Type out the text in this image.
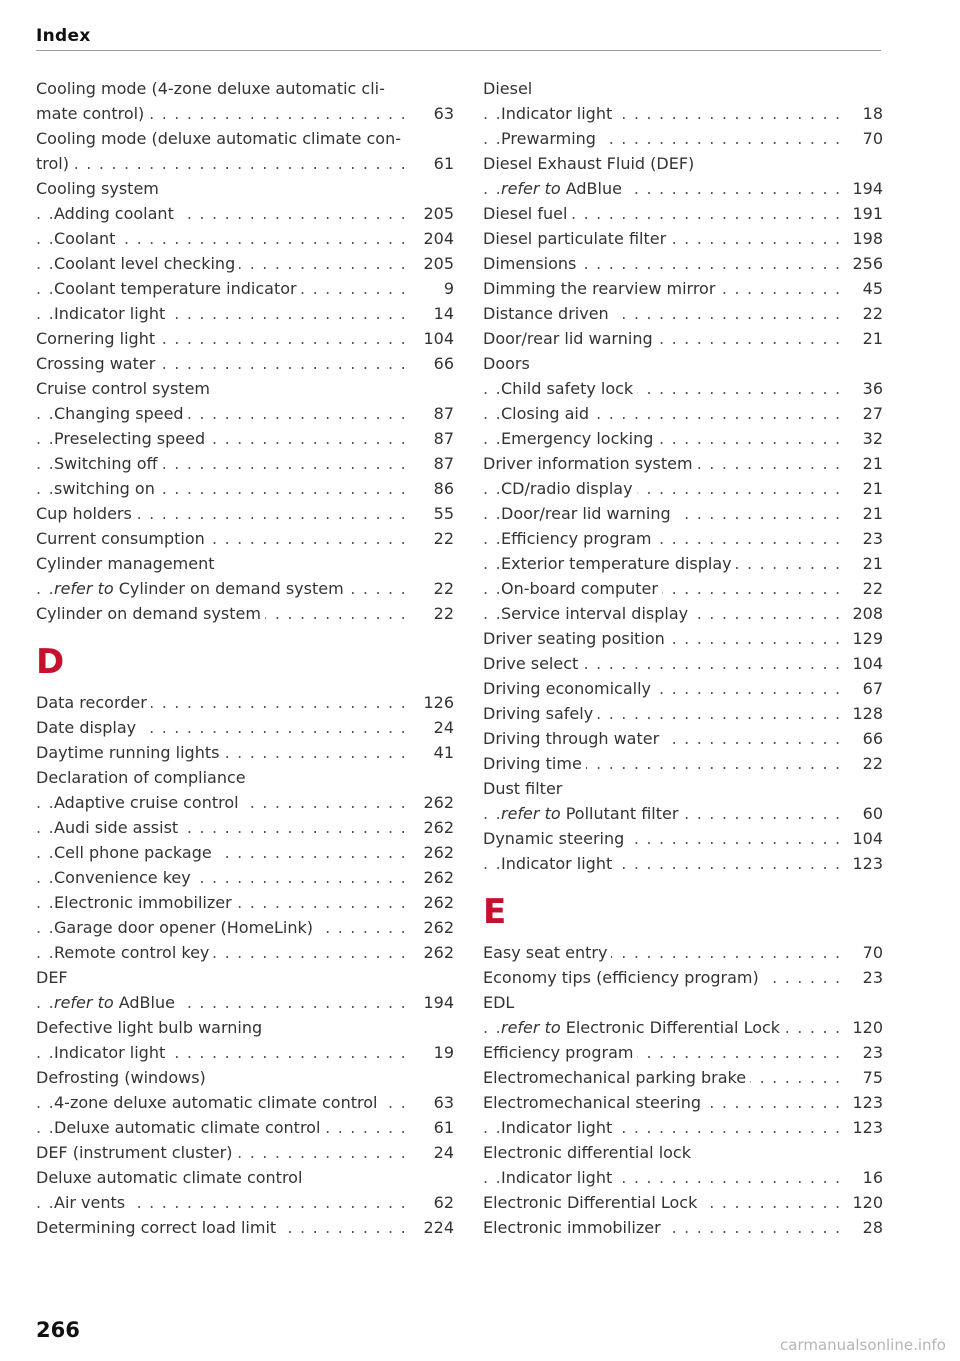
Index
Cooling mode (4-zone deluxe automatic cli-
. . . mate control)	63
Cooling mode (deluxe automatic climate con-
. . . trol)	61
Cooling system
. . . Adding coolant	205
. . . Coolant	204
. . . Coolant level checking	205
. . . Coolant temperature indicator	9
. . . Indicator light	14
. . . Cornering light	104
. . . Crossing water	66
Cruise control system
. . . Changing speed	87
. . . Preselecting speed	87
. . . Switching off	87
. . . switching on	86
. . . Cup holders	55
. . . Current consumption	22
Cylinder management
. . . refer to Cylinder on demand system	22
. . . Cylinder on demand system	22
D
. . . Data recorder	126
. . . Date display	24
. . . Daytime running lights	41
Declaration of compliance
. . . Adaptive cruise control	262
. . . Audi side assist	262
. . . Cell phone package	262
. . . Convenience key	262
. . . Electronic immobilizer	262
. . . Garage door opener (HomeLink)	262
. . . Remote control key	262
DEF
. . . refer to AdBlue	194
Defective light bulb warning
. . . Indicator light	19
Defrosting (windows)
. . . 4-zone deluxe automatic climate control	63
. . . Deluxe automatic climate control	61
. . . DEF (instrument cluster)	24
Deluxe automatic climate control
. . . Air vents	62
. . . Determining correct load limit	224
Diesel
. . . Indicator light	18
. . . Prewarming	70
Diesel Exhaust Fluid (DEF)
. . . refer to AdBlue	194
. . . Diesel fuel	191
. . . Diesel particulate filter	198
. . . Dimensions	256
. . . Dimming the rearview mirror	45
. . . Distance driven	22
. . . Door/rear lid warning	21
Doors
. . . Child safety lock	36
. . . Closing aid	27
. . . Emergency locking	32
. . . Driver information system	21
. . . CD/radio display	21
. . . Door/rear lid warning	21
. . . Efficiency program	23
. . . Exterior temperature display	21
. . . On-board computer	22
. . . Service interval display	208
. . . Driver seating position	129
. . . Drive select	104
. . . Driving economically	67
. . . Driving safely	128
. . . Driving through water	66
. . . Driving time	22
Dust filter
. . . refer to Pollutant filter	60
. . . Dynamic steering	104
. . . Indicator light	123
E
. . . Easy seat entry	70
. . . Economy tips (efficiency program)	23
EDL
. . . refer to Electronic Differential Lock	120
. . . Efficiency program	23
. . . Electromechanical parking brake	75
. . . Electromechanical steering	123
. . . Indicator light	123
Electronic differential lock
. . . Indicator light	16
. . . Electronic Differential Lock	120
. . . Electronic immobilizer	28
266
carmanualsonline.info
